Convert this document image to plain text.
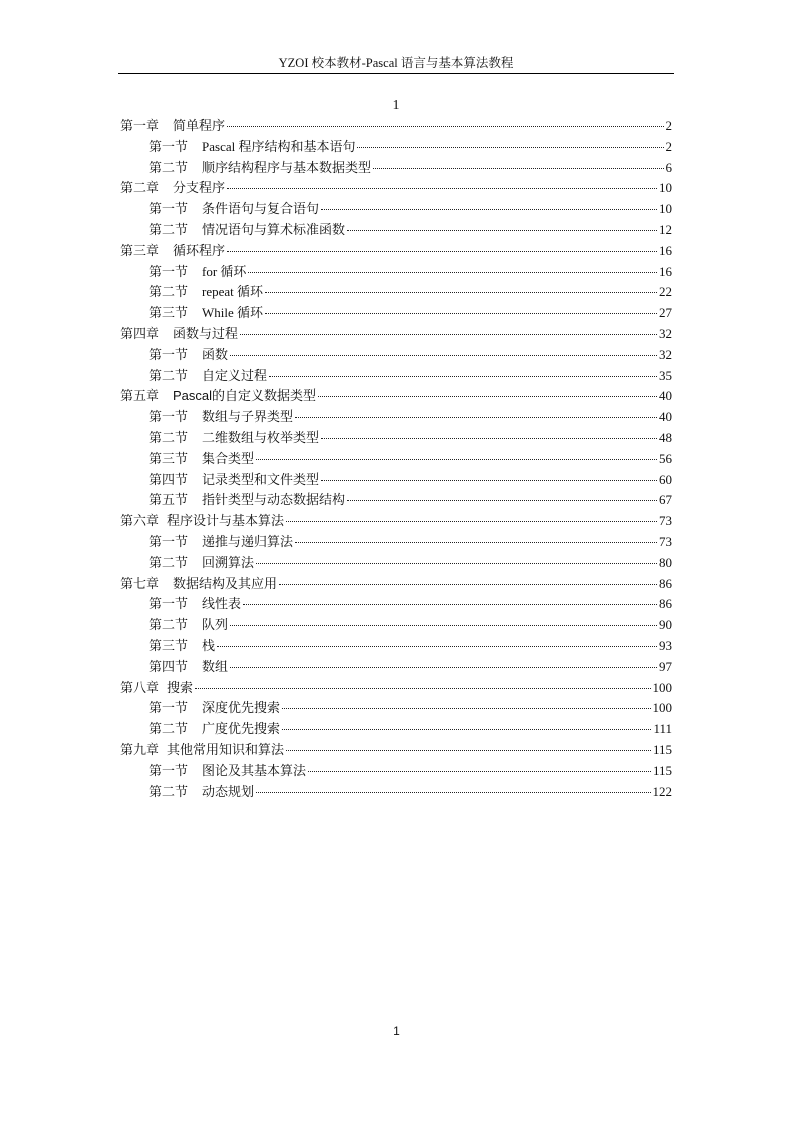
YZOI 校本教材-Pascal 语言与基本算法教程
1
第一章 简单程序	2
第一节 Pascal 程序结构和基本语句	2
第二节 顺序结构程序与基本数据类型	6
第二章 分支程序	10
第一节 条件语句与复合语句	10
第二节 情况语句与算术标准函数	12
第三章 循环程序	16
第一节 for 循环	16
第二节 repeat 循环	22
第三节 While 循环	27
第四章 函数与过程	32
第一节 函数	32
第二节 自定义过程	35
第五章 Pascal的自定义数据类型	40
第一节 数组与子界类型	40
第二节 二维数组与枚举类型	48
第三节 集合类型	56
第四节 记录类型和文件类型	60
第五节 指针类型与动态数据结构	67
第六章 程序设计与基本算法	73
第一节 递推与递归算法	73
第二节 回溯算法	80
第七章 数据结构及其应用	86
第一节 线性表	86
第二节 队列	90
第三节 栈	93
第四节 数组	97
第八章 搜索	100
第一节 深度优先搜索	100
第二节 广度优先搜索	111
第九章 其他常用知识和算法	115
第一节 图论及其基本算法	115
第二节 动态规划	122
1
